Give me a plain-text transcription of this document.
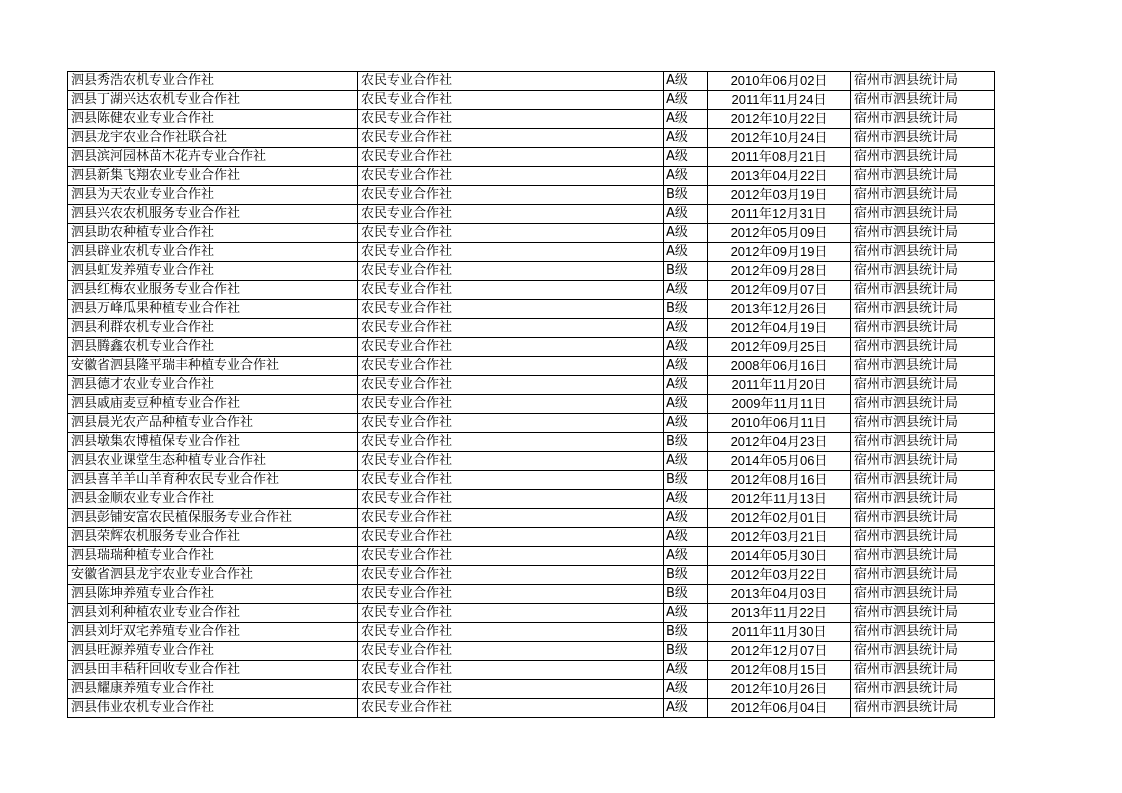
泗县秀浩农机专业合作社	农民专业合作社	A级	2010年06月02日	宿州市泗县统计局
泗县丁湖兴达农机专业合作社	农民专业合作社	A级	2011年11月24日	宿州市泗县统计局
泗县陈健农业专业合作社	农民专业合作社	A级	2012年10月22日	宿州市泗县统计局
泗县龙宇农业合作社联合社	农民专业合作社	A级	2012年10月24日	宿州市泗县统计局
泗县滨河园林苗木花卉专业合作社	农民专业合作社	A级	2011年08月21日	宿州市泗县统计局
泗县新集飞翔农业专业合作社	农民专业合作社	A级	2013年04月22日	宿州市泗县统计局
泗县为天农业专业合作社	农民专业合作社	B级	2012年03月19日	宿州市泗县统计局
泗县兴农农机服务专业合作社	农民专业合作社	A级	2011年12月31日	宿州市泗县统计局
泗县助农种植专业合作社	农民专业合作社	A级	2012年05月09日	宿州市泗县统计局
泗县辟业农机专业合作社	农民专业合作社	A级	2012年09月19日	宿州市泗县统计局
泗县虹发养殖专业合作社	农民专业合作社	B级	2012年09月28日	宿州市泗县统计局
泗县红梅农业服务专业合作社	农民专业合作社	A级	2012年09月07日	宿州市泗县统计局
泗县万峰瓜果种植专业合作社	农民专业合作社	B级	2013年12月26日	宿州市泗县统计局
泗县利群农机专业合作社	农民专业合作社	A级	2012年04月19日	宿州市泗县统计局
泗县腾鑫农机专业合作社	农民专业合作社	A级	2012年09月25日	宿州市泗县统计局
安徽省泗县隆平瑞丰种植专业合作社	农民专业合作社	A级	2008年06月16日	宿州市泗县统计局
泗县德才农业专业合作社	农民专业合作社	A级	2011年11月20日	宿州市泗县统计局
泗县戚庙麦豆种植专业合作社	农民专业合作社	A级	2009年11月11日	宿州市泗县统计局
泗县晨光农产品种植专业合作社	农民专业合作社	A级	2010年06月11日	宿州市泗县统计局
泗县墩集农博植保专业合作社	农民专业合作社	B级	2012年04月23日	宿州市泗县统计局
泗县农业课堂生态种植专业合作社	农民专业合作社	A级	2014年05月06日	宿州市泗县统计局
泗县喜羊羊山羊育种农民专业合作社	农民专业合作社	B级	2012年08月16日	宿州市泗县统计局
泗县金顺农业专业合作社	农民专业合作社	A级	2012年11月13日	宿州市泗县统计局
泗县彭铺安富农民植保服务专业合作社	农民专业合作社	A级	2012年02月01日	宿州市泗县统计局
泗县荣辉农机服务专业合作社	农民专业合作社	A级	2012年03月21日	宿州市泗县统计局
泗县瑞瑞种植专业合作社	农民专业合作社	A级	2014年05月30日	宿州市泗县统计局
安徽省泗县龙宇农业专业合作社	农民专业合作社	B级	2012年03月22日	宿州市泗县统计局
泗县陈坤养殖专业合作社	农民专业合作社	B级	2013年04月03日	宿州市泗县统计局
泗县刘利种植农业专业合作社	农民专业合作社	A级	2013年11月22日	宿州市泗县统计局
泗县刘圩双宅养殖专业合作社	农民专业合作社	B级	2011年11月30日	宿州市泗县统计局
泗县旺源养殖专业合作社	农民专业合作社	B级	2012年12月07日	宿州市泗县统计局
泗县田丰秸秆回收专业合作社	农民专业合作社	A级	2012年08月15日	宿州市泗县统计局
泗县耀康养殖专业合作社	农民专业合作社	A级	2012年10月26日	宿州市泗县统计局
泗县伟业农机专业合作社	农民专业合作社	A级	2012年06月04日	宿州市泗县统计局
